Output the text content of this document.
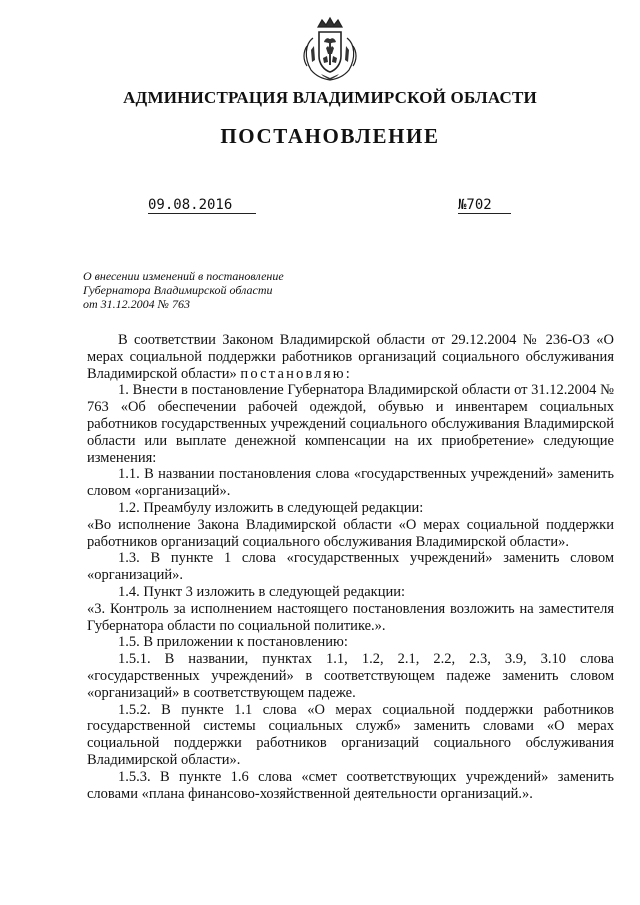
АДМИНИСТРАЦИЯ ВЛАДИМИРСКОЙ ОБЛАСТИ
ПОСТАНОВЛЕНИЕ
09.08.2016	№702
О внесении изменений в постановление
Губернатора Владимирской области
от 31.12.2004 № 763

В соответствии Законом Владимирской области от 29.12.2004 № 236-ОЗ «О мерах социальной поддержки работников организаций социального обслуживания Владимирской области» постановляю:

1. Внести в постановление Губернатора Владимирской области от 31.12.2004 № 763 «Об обеспечении рабочей одеждой, обувью и инвентарем социальных работников государственных учреждений социального обслуживания Владимирской области или выплате денежной компенсации на их приобретение» следующие изменения:

1.1. В названии постановления слова «государственных учреждений» заменить словом «организаций».

1.2. Преамбулу изложить в следующей редакции:

«Во исполнение Закона Владимирской области «О мерах социальной поддержки работников организаций социального обслуживания Владимирской области».

1.3. В пункте 1 слова «государственных учреждений» заменить словом «организаций».

1.4. Пункт 3 изложить в следующей редакции:

«3. Контроль за исполнением настоящего постановления возложить на заместителя Губернатора области по социальной политике.».

1.5. В приложении к постановлению:

1.5.1. В названии, пунктах 1.1, 1.2, 2.1, 2.2, 2.3, 3.9, 3.10 слова «государственных учреждений» в соответствующем падеже заменить словом «организаций» в соответствующем падеже.

1.5.2. В пункте 1.1 слова «О мерах социальной поддержки работников государственной системы социальных служб» заменить словами «О мерах социальной поддержки работников организаций социального обслуживания Владимирской области».

1.5.3. В пункте 1.6 слова «смет соответствующих учреждений» заменить словами «плана финансово-хозяйственной деятельности организаций.».
